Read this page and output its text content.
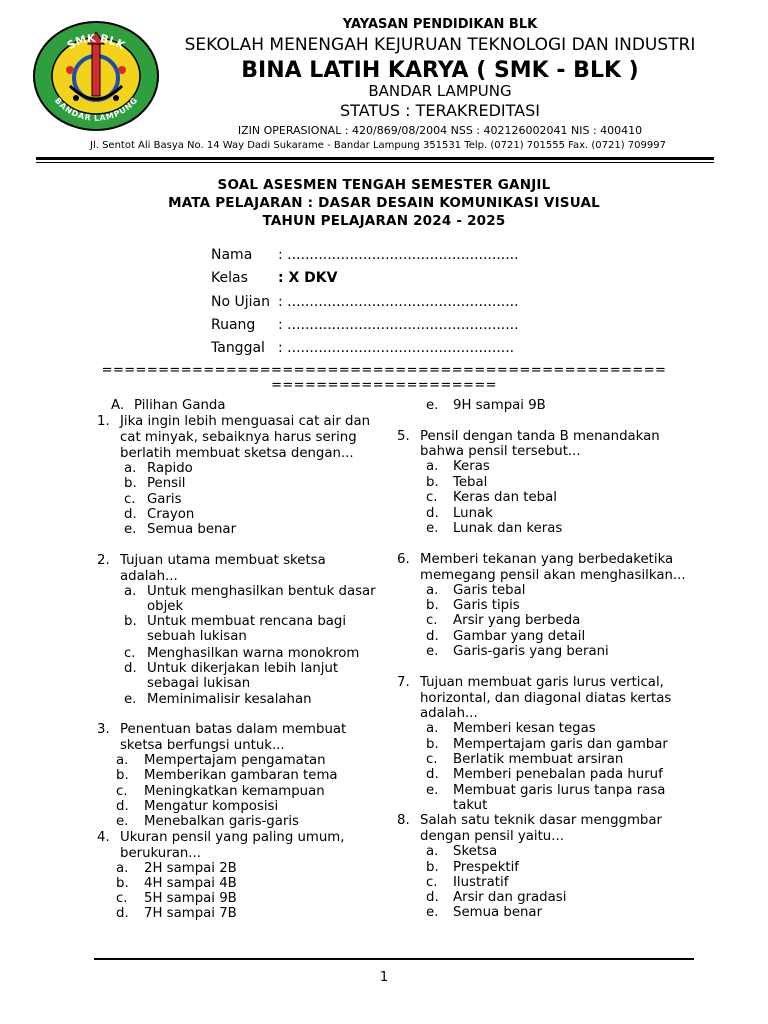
SMK BLK
BANDAR LAMPUNG
YAYASAN PENDIDIKAN BLK
SEKOLAH MENENGAH KEJURUAN TEKNOLOGI DAN INDUSTRI
BINA LATIH KARYA ( SMK - BLK )
BANDAR LAMPUNG
STATUS : TERAKREDITASI
IZIN OPERASIONAL : 420/869/08/2004 NSS : 402126002041 NIS : 400410
Jl. Sentot Ali Basya No. 14 Way Dadi Sukarame - Bandar Lampung 351531 Telp. (0721) 701555 Fax. (0721) 709997
SOAL ASESMEN TENGAH SEMESTER GANJIL
MATA PELAJARAN : DASAR DESAIN KOMUNIKASI VISUAL
TAHUN PELAJARAN 2024 - 2025
Nama : ....................................................
Kelas : X DKV
No Ujian : ....................................................
Ruang : ....................................................
Tanggal : ...................................................
==================================================
====================
A. Pilihan Ganda
1. Jika ingin lebih menguasai cat air dan
cat minyak, sebaiknya harus sering
berlatih membuat sketsa dengan...
a. Rapido
b. Pensil
c. Garis
d. Crayon
e. Semua benar
2. Tujuan utama membuat sketsa
adalah...
a. Untuk menghasilkan bentuk dasar
objek
b. Untuk membuat rencana bagi
sebuah lukisan
c. Menghasilkan warna monokrom
d. Untuk dikerjakan lebih lanjut
sebagai lukisan
e. Meminimalisir kesalahan
3. Penentuan batas dalam membuat
sketsa berfungsi untuk...
a. Mempertajam pengamatan
b. Memberikan gambaran tema
c. Meningkatkan kemampuan
d. Mengatur komposisi
e. Menebalkan garis-garis
4. Ukuran pensil yang paling umum,
berukuran...
a. 2H sampai 2B
b. 4H sampai 4B
c. 5H sampai 9B
d. 7H sampai 7B
e. 9H sampai 9B
5. Pensil dengan tanda B menandakan
bahwa pensil tersebut...
a. Keras
b. Tebal
c. Keras dan tebal
d. Lunak
e. Lunak dan keras
6. Memberi tekanan yang berbedaketika
memegang pensil akan menghasilkan...
a. Garis tebal
b. Garis tipis
c. Arsir yang berbeda
d. Gambar yang detail
e. Garis-garis yang berani
7. Tujuan membuat garis lurus vertical,
horizontal, dan diagonal diatas kertas
adalah...
a. Memberi kesan tegas
b. Mempertajam garis dan gambar
c. Berlatik membuat arsiran
d. Memberi penebalan pada huruf
e. Membuat garis lurus tanpa rasa
takut
8. Salah satu teknik dasar menggmbar
dengan pensil yaitu...
a. Sketsa
b. Prespektif
c. Ilustratif
d. Arsir dan gradasi
e. Semua benar
1
